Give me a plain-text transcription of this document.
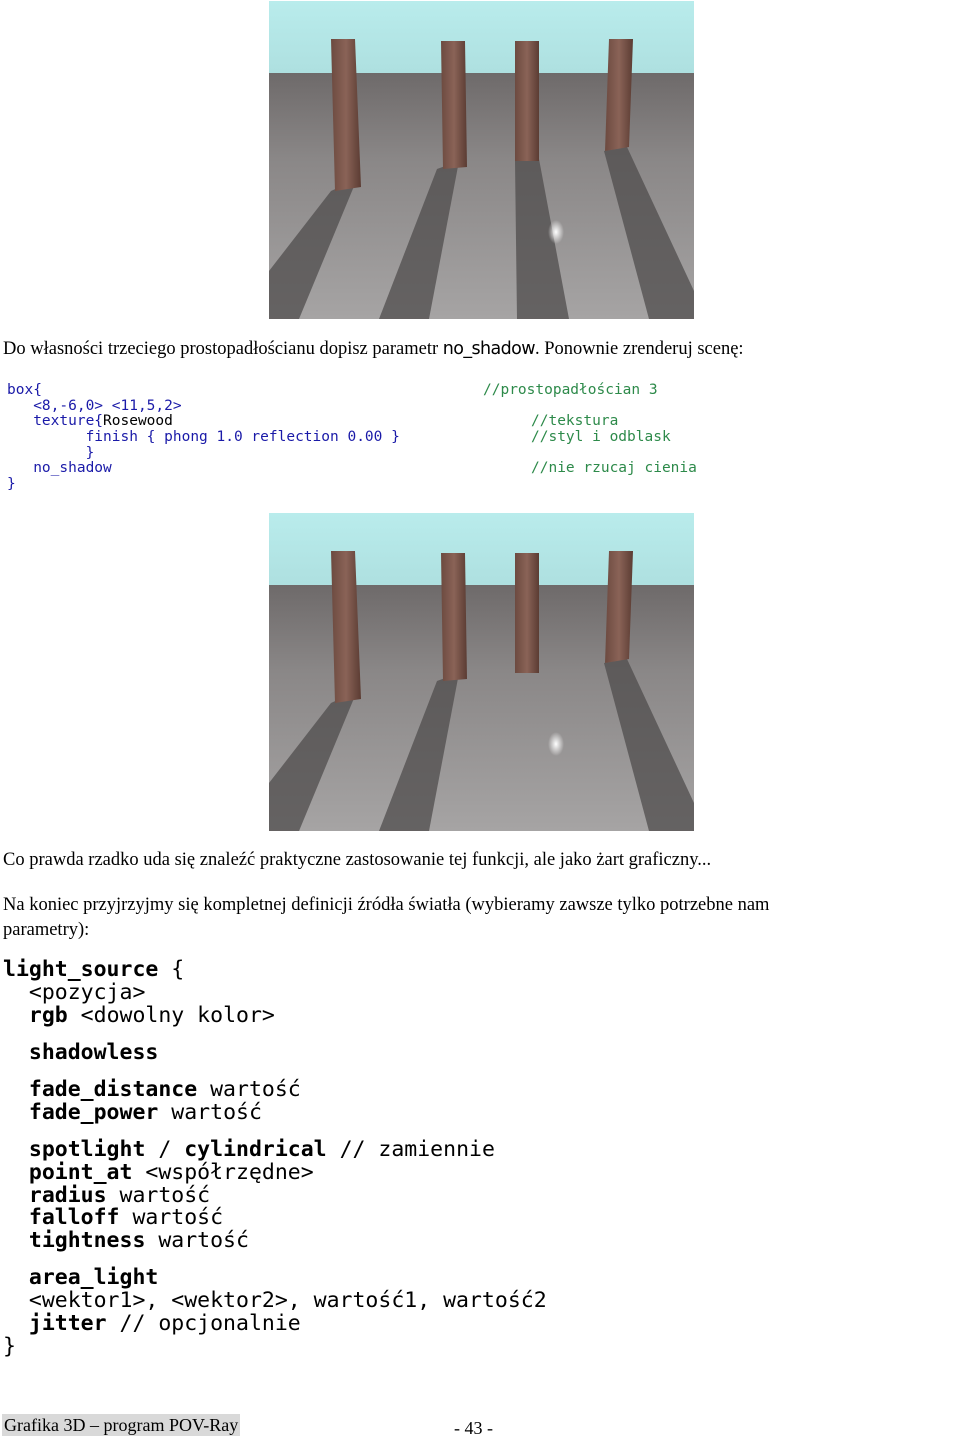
Do własności trzeciego prostopadłościanu dopisz parametr no_shadow. Ponownie zrenderuj scenę:
box{	//prostopadłościan 3
<8,-6,0> <11,5,2>
texture{Rosewood	//tekstura
finish { phong 1.0 reflection 0.00 }	//styl i odblask
}
no_shadow	//nie rzucaj cienia
}
Co prawda rzadko uda się znaleźć praktyczne zastosowanie tej funkcji, ale jako żart graficzny...
Na koniec przyjrzyjmy się kompletnej definicji źródła światła (wybieramy zawsze tylko potrzebne nam
parametry):

light_source {

<pozycja>

rgb <dowolny kolor>

shadowless

fade_distance wartość

fade_power wartość

spotlight / cylindrical // zamiennie

point_at <współrzędne>

radius wartość

falloff wartość

tightness wartość

area_light

<wektor1>, <wektor2>, wartość1, wartość2

jitter // opcjonalnie

}

Grafika 3D – program POV-Ray	- 43 -
